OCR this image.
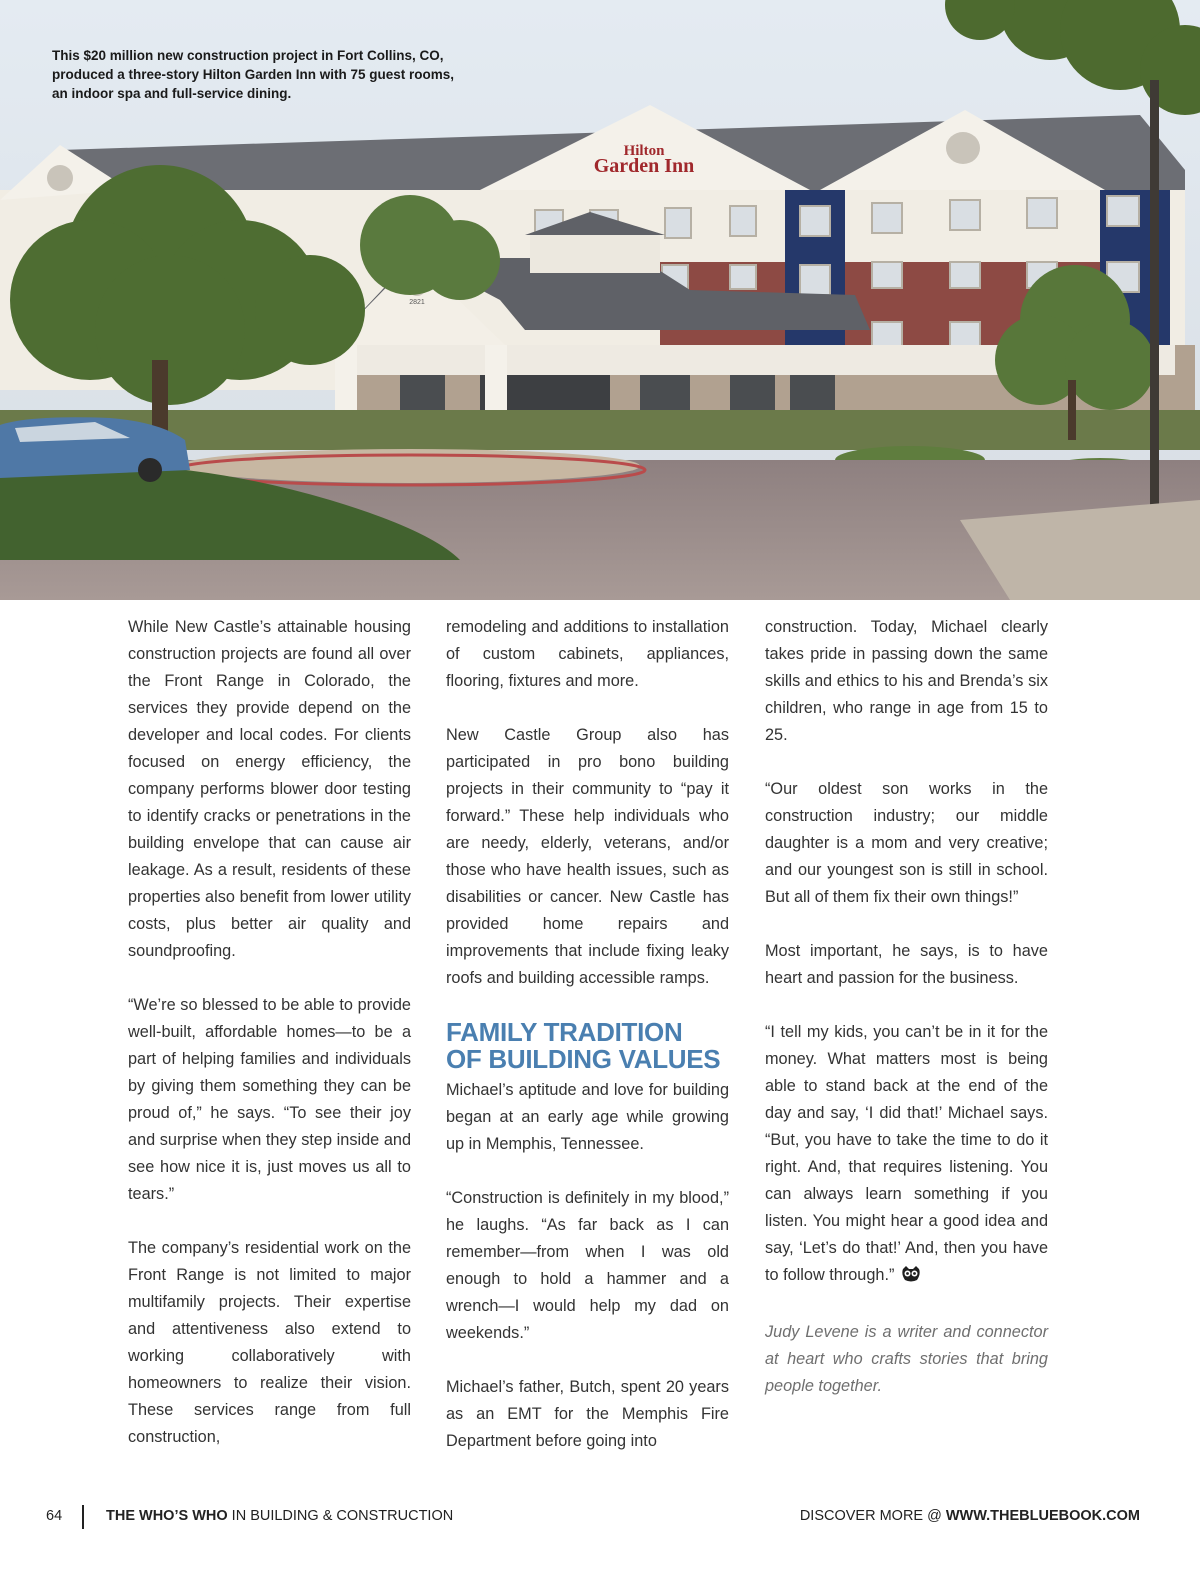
Hilton
Garden Inn
2821
This $20 million new construction project in Fort Collins, CO,
produced a three-story Hilton Garden Inn with 75 guest rooms,
an indoor spa and full-service dining.

While New Castle’s attainable housing construction projects are found all over the Front Range in Colorado, the services they provide depend on the developer and local codes. For clients focused on energy efficiency, the company performs blower door testing to identify cracks or penetrations in the building envelope that can cause air leakage. As a result, residents of these properties also benefit from lower utility costs, plus better air quality and soundproofing.

“We’re so blessed to be able to provide well-built, affordable homes—to be a part of helping families and individuals by giving them something they can be proud of,” he says. “To see their joy and surprise when they step inside and see how nice it is, just moves us all to tears.”

The company’s residential work on the Front Range is not limited to major multifamily projects. Their expertise and attentiveness also extend to working collaboratively with homeowners to realize their vision. These services range from full construction,

remodeling and additions to installation of custom cabinets, appliances, flooring, fixtures and more.

New Castle Group also has participated in pro bono building projects in their community to “pay it forward.” These help individuals who are needy, elderly, veterans, and/or those who have health issues, such as disabilities or cancer. New Castle has provided home repairs and improvements that include fixing leaky roofs and building accessible ramps.

FAMILY TRADITION
OF BUILDING VALUES

Michael’s aptitude and love for building began at an early age while growing up in Memphis, Tennessee.

“Construction is definitely in my blood,” he laughs. “As far back as I can remember—from when I was old enough to hold a hammer and a wrench—I would help my dad on weekends.”

Michael’s father, Butch, spent 20 years as an EMT for the Memphis Fire Department before going into

construction. Today, Michael clearly takes pride in passing down the same skills and ethics to his and Brenda’s six children, who range in age from 15 to 25.

“Our oldest son works in the construction industry; our middle daughter is a mom and very creative; and our youngest son is still in school. But all of them fix their own things!”

Most important, he says, is to have heart and passion for the business.

“I tell my kids, you can’t be in it for the money. What matters most is being able to stand back at the end of the day and say, ‘I did that!’ Michael says. “But, you have to take the time to do it right. And, that requires listening. You can always learn something if you listen. You might hear a good idea and say, ‘Let’s do that!’ And, then you have to follow through.”

Judy Levene is a writer and connector at heart who crafts stories that bring people together.

64	THE WHO’S WHO IN BUILDING & CONSTRUCTION	DISCOVER MORE @ WWW.THEBLUEBOOK.COM
